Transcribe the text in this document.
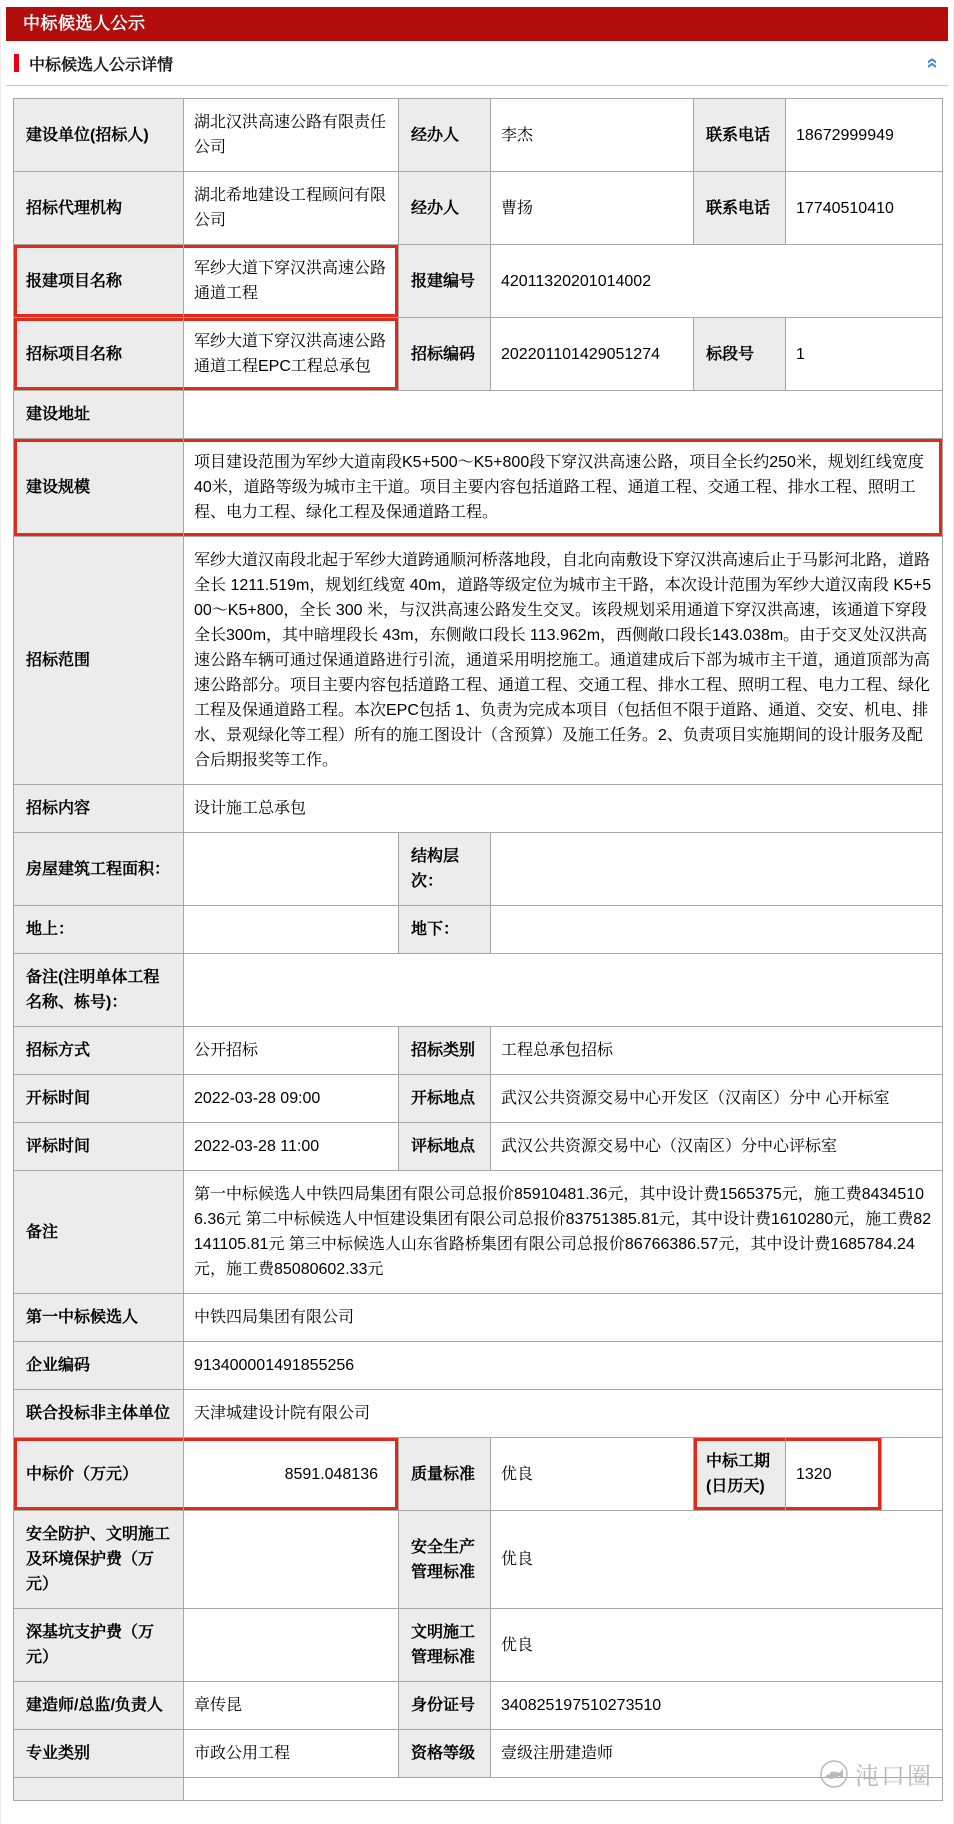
中标候选人公示
中标候选人公示详情	«
建设单位(招标人)	湖北汉洪高速公路有限责任公司	经办人	李杰	联系电话	18672999949	
招标代理机构	湖北希地建设工程顾问有限公司	经办人	曹扬	联系电话	17740510410	
报建项目名称	军纱大道下穿汉洪高速公路通道工程	报建编号	42011320201014002			
招标项目名称	军纱大道下穿汉洪高速公路通道工程EPC工程总承包	招标编码	202201101429051274	标段号	1	
建设地址						
建设规模	项目建设范围为军纱大道南段K5+500～K5+800段下穿汉洪高速公路，项目全长约250米，规划红线宽度40米，道路等级为城市主干道。项目主要内容包括道路工程、通道工程、交通工程、排水工程、照明工程、电力工程、绿化工程及保通道路工程。					
招标范围	军纱大道汉南段北起于军纱大道跨通顺河桥落地段，自北向南敷设下穿汉洪高速后止于马影河北路，道路全长 1211.519m，规划红线宽 40m，道路等级定位为城市主干路，本次设计范围为军纱大道汉南段 K5+500～K5+800，全长 300 米，与汉洪高速公路发生交叉。该段规划采用通道下穿汉洪高速，该通道下穿段全长300m，其中暗埋段长 43m，东侧敞口段长 113.962m，西侧敞口段长143.038m。由于交叉处汉洪高速公路车辆可通过保通道路进行引流，通道采用明挖施工。通道建成后下部为城市主干道，通道顶部为高速公路部分。项目主要内容包括道路工程、通道工程、交通工程、排水工程、照明工程、电力工程、绿化工程及保通道路工程。本次EPC包括 1、负责为完成本项目（包括但不限于道路、通道、交安、机电、排水、景观绿化等工程）所有的施工图设计（含预算）及施工任务。2、负责项目实施期间的设计服务及配合后期报奖等工作。					
招标内容	设计施工总承包					
房屋建筑工程面积：		结构层次：				
地上：		地下：				
备注(注明单体工程名称、栋号)：						
招标方式	公开招标	招标类别	工程总承包招标			
开标时间	2022-03-28 09:00	开标地点	武汉公共资源交易中心开发区（汉南区）分中 心开标室			
评标时间	2022-03-28 11:00	评标地点	武汉公共资源交易中心（汉南区）分中心评标室			
备注	第一中标候选人中铁四局集团有限公司总报价85910481.36元，其中设计费1565375元，施工费84345106.36元 第二中标候选人中恒建设集团有限公司总报价83751385.81元，其中设计费1610280元，施工费82141105.81元 第三中标候选人山东省路桥集团有限公司总报价86766386.57元，其中设计费1685784.24元，施工费85080602.33元					
第一中标候选人	中铁四局集团有限公司					
企业编码	913400001491855256					
联合投标非主体单位	天津城建设计院有限公司					
中标价（万元）	8591.048136	质量标准	优良	中标工期(日历天)	1320	
安全防护、文明施工及环境保护费（万元）		安全生产管理标准	优良			
深基坑支护费（万元）		文明施工管理标准	优良			
建造师/总监/负责人	章传昆	身份证号	340825197510273510			
专业类别	市政公用工程	资格等级	壹级注册建造师			

沌口圈
